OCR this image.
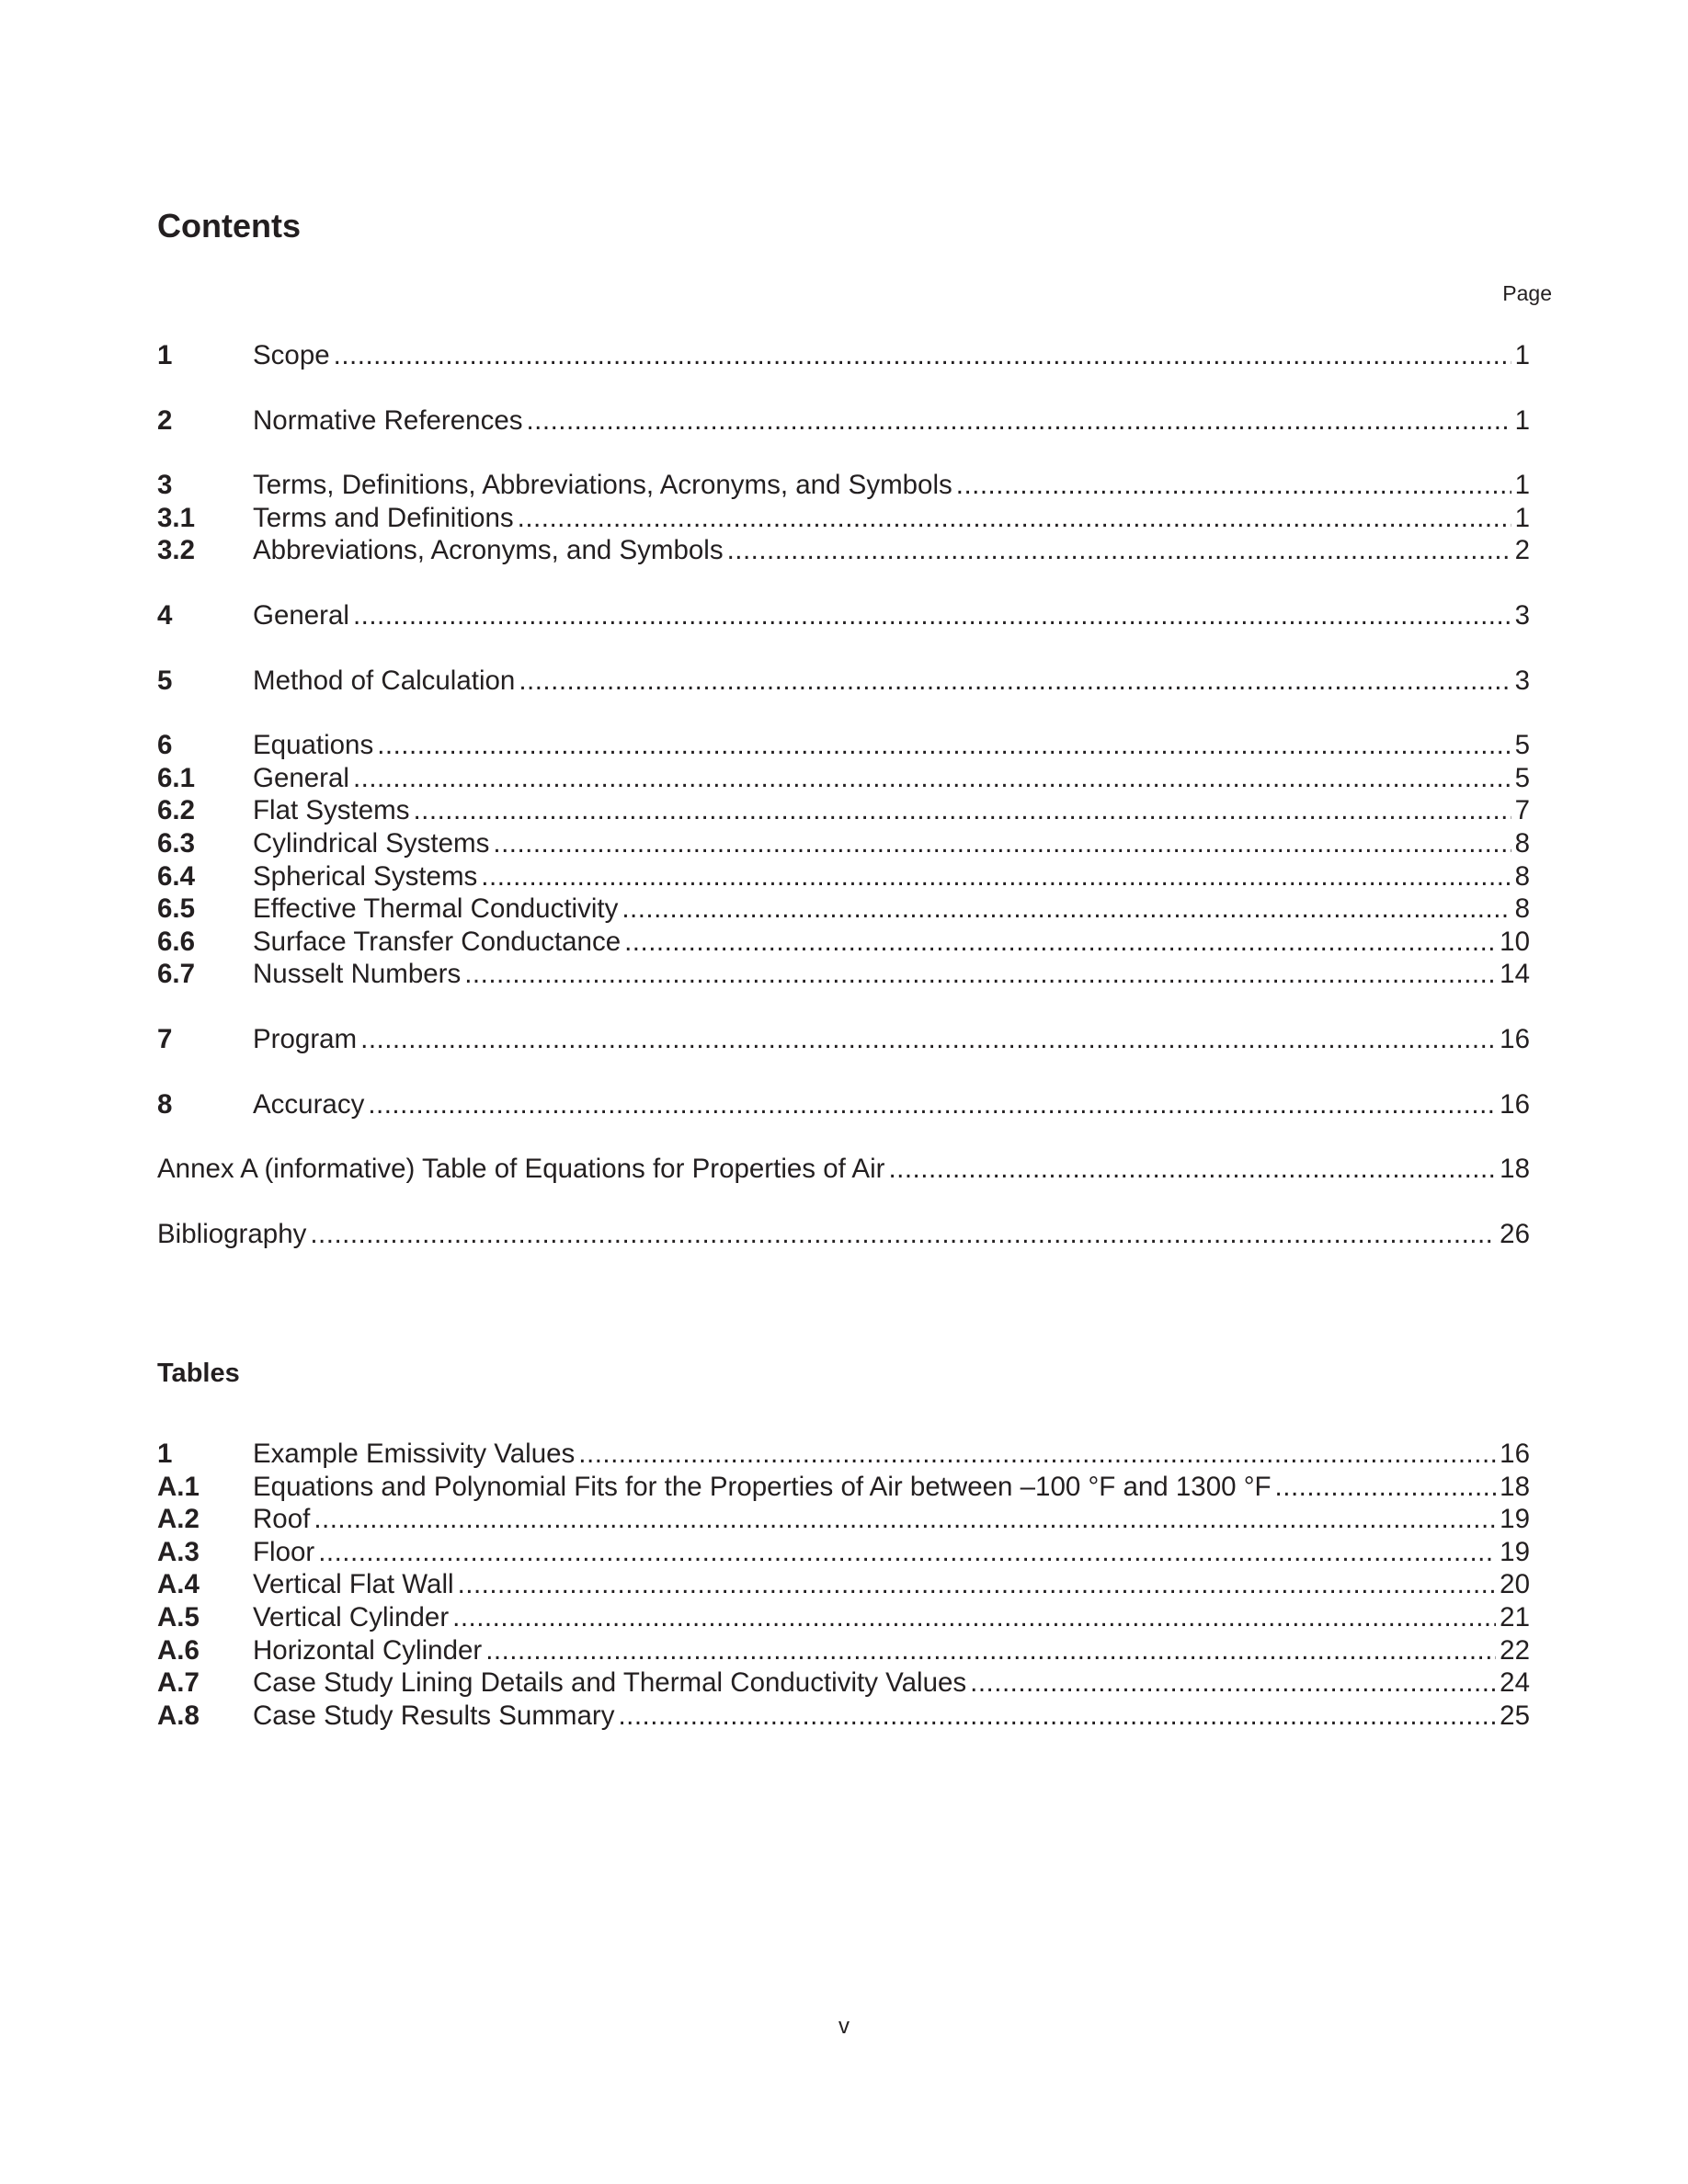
Contents
Page
1	Scope .....	1
2	Normative References .....	1
3	Terms, Definitions, Abbreviations, Acronyms, and Symbols .....	1
3.1	Terms and Definitions .....	1
3.2	Abbreviations, Acronyms, and Symbols .....	2
4	General .....	3
5	Method of Calculation .....	3
6	Equations .....	5
6.1	General .....	5
6.2	Flat Systems .....	7
6.3	Cylindrical Systems .....	8
6.4	Spherical Systems .....	8
6.5	Effective Thermal Conductivity .....	8
6.6	Surface Transfer Conductance .....	10
6.7	Nusselt Numbers .....	14
7	Program .....	16
8	Accuracy .....	16
Annex A (informative) Table of Equations for Properties of Air .....	18
Bibliography .....	26
Tables
1	Example Emissivity Values .....	16
A.1	Equations and Polynomial Fits for the Properties of Air between –100 °F and 1300 °F .....	18
A.2	Roof .....	19
A.3	Floor .....	19
A.4	Vertical Flat Wall .....	20
A.5	Vertical Cylinder .....	21
A.6	Horizontal Cylinder .....	22
A.7	Case Study Lining Details and Thermal Conductivity Values .....	24
A.8	Case Study Results Summary .....	25
v
